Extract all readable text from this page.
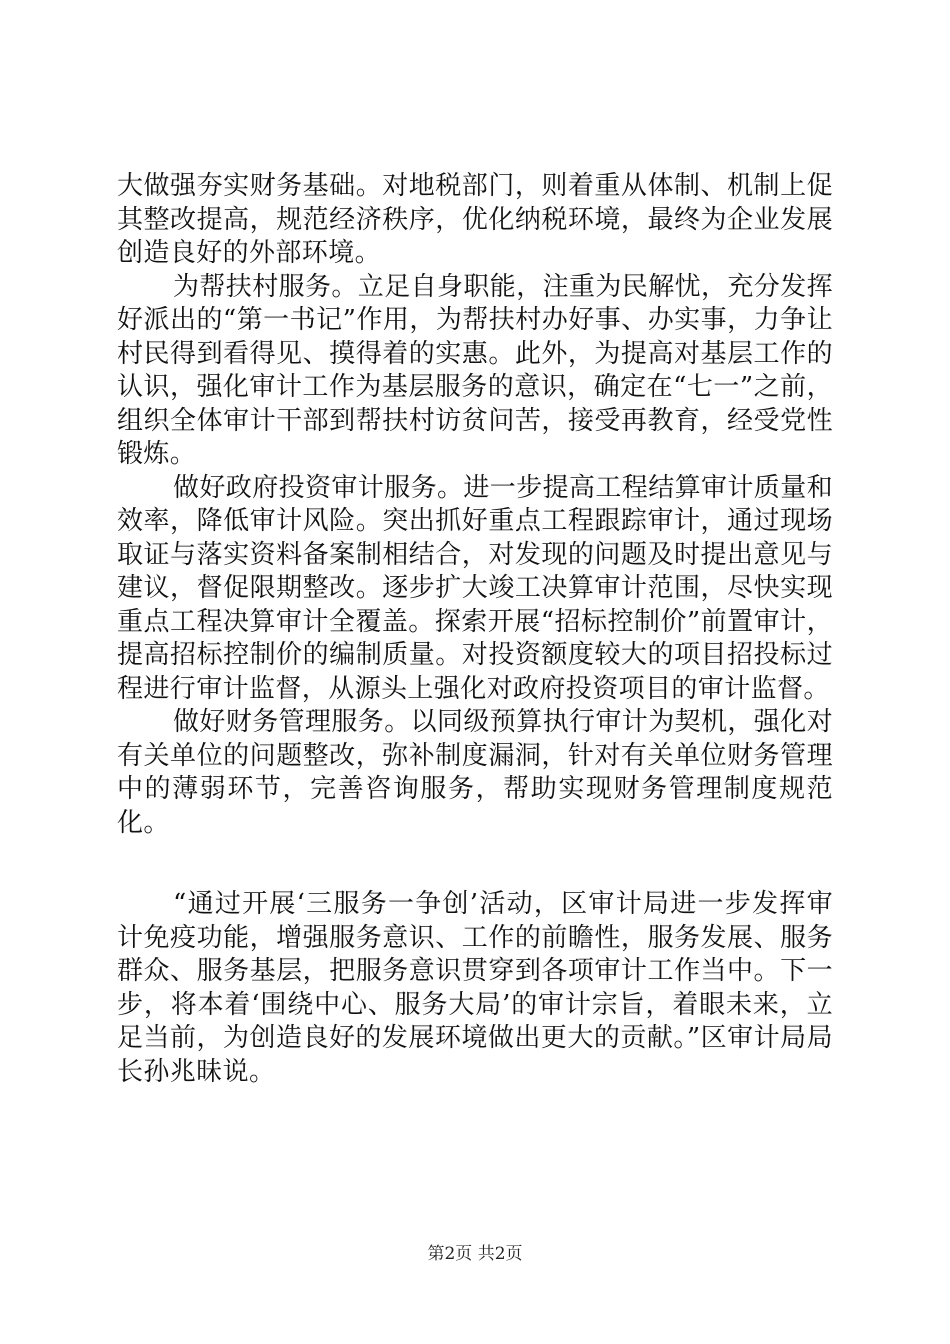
大做强夯实财务基础。对地税部门，则着重从体制、机制上促其整改提高，规范经济秩序，优化纳税环境，最终为企业发展创造良好的外部环境。

为帮扶村服务。立足自身职能，注重为民解忧，充分发挥好派出的“第一书记”作用，为帮扶村办好事、办实事，力争让村民得到看得见、摸得着的实惠。此外，为提高对基层工作的认识，强化审计工作为基层服务的意识，确定在“七一”之前，组织全体审计干部到帮扶村访贫问苦，接受再教育，经受党性锻炼。

做好政府投资审计服务。进一步提高工程结算审计质量和效率，降低审计风险。突出抓好重点工程跟踪审计，通过现场取证与落实资料备案制相结合，对发现的问题及时提出意见与建议，督促限期整改。逐步扩大竣工决算审计范围，尽快实现重点工程决算审计全覆盖。探索开展“招标控制价”前置审计，提高招标控制价的编制质量。对投资额度较大的项目招投标过程进行审计监督，从源头上强化对政府投资项目的审计监督。

做好财务管理服务。以同级预算执行审计为契机，强化对有关单位的问题整改，弥补制度漏洞，针对有关单位财务管理中的薄弱环节，完善咨询服务，帮助实现财务管理制度规范化。

“通过开展‘三服务一争创’活动，区审计局进一步发挥审计免疫功能，增强服务意识、工作的前瞻性，服务发展、服务群众、服务基层，把服务意识贯穿到各项审计工作当中。下一步，将本着‘围绕中心、服务大局’的审计宗旨，着眼未来，立足当前，为创造良好的发展环境做出更大的贡献。”区审计局局长孙兆昧说。

第2页 共2页
